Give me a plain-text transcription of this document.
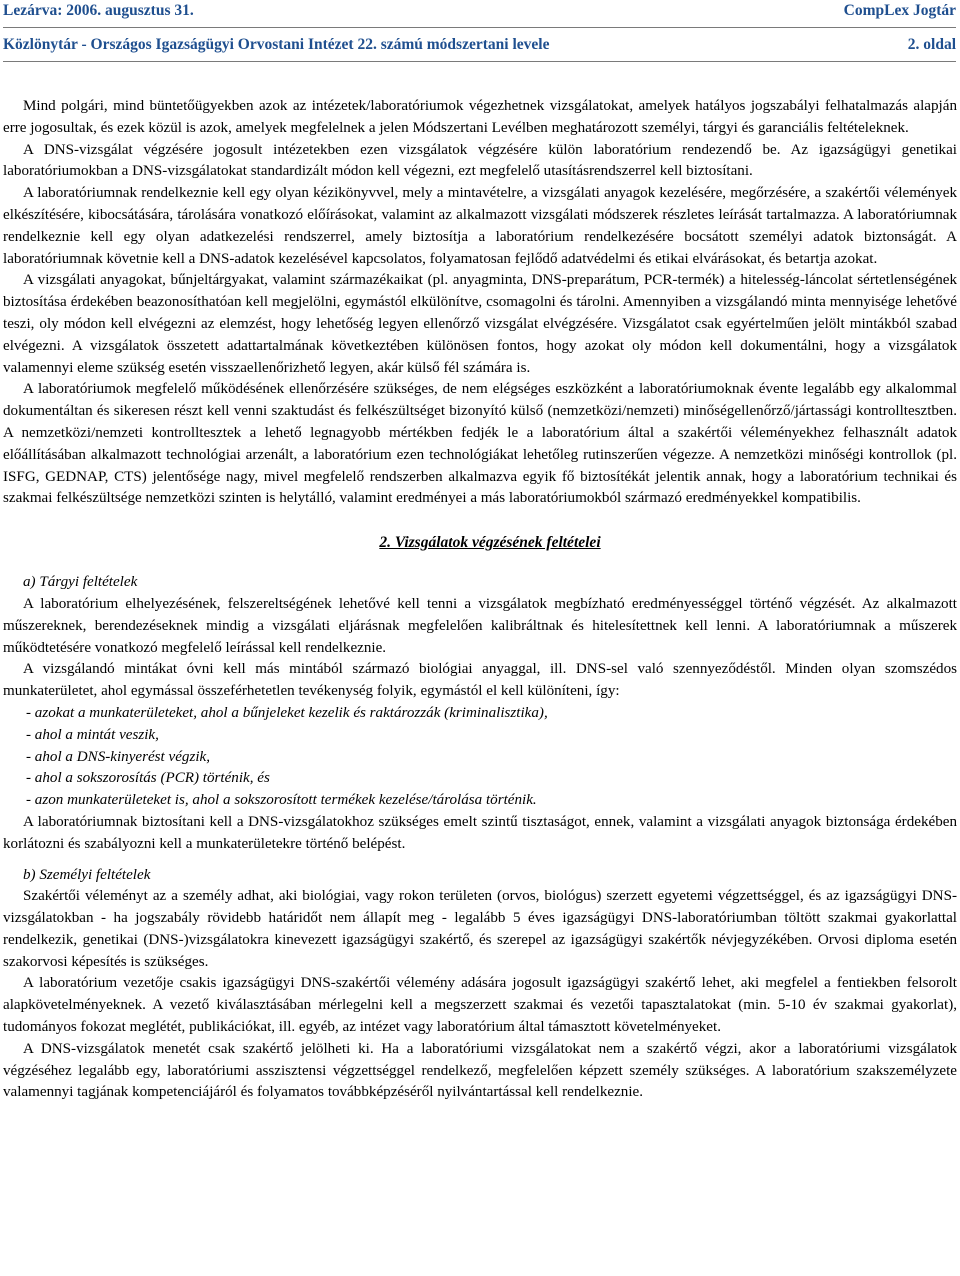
Lezárva: 2006. augusztus 31.	CompLex Jogtár
Közlönytár - Országos Igazságügyi Orvostani Intézet 22. számú módszertani levele	2. oldal

Mind polgári, mind büntetőügyekben azok az intézetek/laboratóriumok végezhetnek vizsgálatokat, amelyek hatályos jogszabályi felhatalmazás alapján erre jogosultak, és ezek közül is azok, amelyek megfelelnek a jelen Módszertani Levélben meghatározott személyi, tárgyi és garanciális feltételeknek.

A DNS-vizsgálat végzésére jogosult intézetekben ezen vizsgálatok végzésére külön laboratórium rendezendő be. Az igazságügyi genetikai laboratóriumokban a DNS-vizsgálatokat standardizált módon kell végezni, ezt megfelelő utasításrendszerrel kell biztosítani.

A laboratóriumnak rendelkeznie kell egy olyan kézikönyvvel, mely a mintavételre, a vizsgálati anyagok kezelésére, megőrzésére, a szakértői vélemények elkészítésére, kibocsátására, tárolására vonatkozó előírásokat, valamint az alkalmazott vizsgálati módszerek részletes leírását tartalmazza. A laboratóriumnak rendelkeznie kell egy olyan adatkezelési rendszerrel, amely biztosítja a laboratórium rendelkezésére bocsátott személyi adatok biztonságát. A laboratóriumnak követnie kell a DNS-adatok kezelésével kapcsolatos, folyamatosan fejlődő adatvédelmi és etikai elvárásokat, és betartja azokat.

A vizsgálati anyagokat, bűnjeltárgyakat, valamint származékaikat (pl. anyagminta, DNS-preparátum, PCR-termék) a hitelesség-láncolat sértetlenségének biztosítása érdekében beazonosíthatóan kell megjelölni, egymástól elkülönítve, csomagolni és tárolni. Amennyiben a vizsgálandó minta mennyisége lehetővé teszi, oly módon kell elvégezni az elemzést, hogy lehetőség legyen ellenőrző vizsgálat elvégzésére. Vizsgálatot csak egyértelműen jelölt mintákból szabad elvégezni. A vizsgálatok összetett adattartalmának következtében különösen fontos, hogy azokat oly módon kell dokumentálni, hogy a vizsgálatok valamennyi eleme szükség esetén visszaellenőrizhető legyen, akár külső fél számára is.

A laboratóriumok megfelelő működésének ellenőrzésére szükséges, de nem elégséges eszközként a laboratóriumoknak évente legalább egy alkalommal dokumentáltan és sikeresen részt kell venni szaktudást és felkészültséget bizonyító külső (nemzetközi/nemzeti) minőségellenőrző/jártassági kontrolltesztben. A nemzetközi/nemzeti kontrolltesztek a lehető legnagyobb mértékben fedjék le a laboratórium által a szakértői véleményekhez felhasznált adatok előállításában alkalmazott technológiai arzenált, a laboratórium ezen technológiákat lehetőleg rutinszerűen végezze. A nemzetközi minőségi kontrollok (pl. ISFG, GEDNAP, CTS) jelentősége nagy, mivel megfelelő rendszerben alkalmazva egyik fő biztosítékát jelentik annak, hogy a laboratórium technikai és szakmai felkészültsége nemzetközi szinten is helytálló, valamint eredményei a más laboratóriumokból származó eredményekkel kompatibilis.

2. Vizsgálatok végzésének feltételei

a) Tárgyi feltételek

A laboratórium elhelyezésének, felszereltségének lehetővé kell tenni a vizsgálatok megbízható eredményességgel történő végzését. Az alkalmazott műszereknek, berendezéseknek mindig a vizsgálati eljárásnak megfelelően kalibráltnak és hitelesítettnek kell lenni. A laboratóriumnak a műszerek működtetésére vonatkozó megfelelő leírással kell rendelkeznie.

A vizsgálandó mintákat óvni kell más mintából származó biológiai anyaggal, ill. DNS-sel való szennyeződéstől. Minden olyan szomszédos munkaterületet, ahol egymással összeférhetetlen tevékenység folyik, egymástól el kell különíteni, így:

- azokat a munkaterületeket, ahol a bűnjeleket kezelik és raktározzák (kriminalisztika),

- ahol a mintát veszik,

- ahol a DNS-kinyerést végzik,

- ahol a sokszorosítás (PCR) történik, és

- azon munkaterületeket is, ahol a sokszorosított termékek kezelése/tárolása történik.

A laboratóriumnak biztosítani kell a DNS-vizsgálatokhoz szükséges emelt szintű tisztaságot, ennek, valamint a vizsgálati anyagok biztonsága érdekében korlátozni és szabályozni kell a munkaterületekre történő belépést.

b) Személyi feltételek

Szakértői véleményt az a személy adhat, aki biológiai, vagy rokon területen (orvos, biológus) szerzett egyetemi végzettséggel, és az igazságügyi DNS-vizsgálatokban - ha jogszabály rövidebb határidőt nem állapít meg - legalább 5 éves igazságügyi DNS-laboratóriumban töltött szakmai gyakorlattal rendelkezik, genetikai (DNS-)vizsgálatokra kinevezett igazságügyi szakértő, és szerepel az igazságügyi szakértők névjegyzékében. Orvosi diploma esetén szakorvosi képesítés is szükséges.

A laboratórium vezetője csakis igazságügyi DNS-szakértői vélemény adására jogosult igazságügyi szakértő lehet, aki megfelel a fentiekben felsorolt alapkövetelményeknek. A vezető kiválasztásában mérlegelni kell a megszerzett szakmai és vezetői tapasztalatokat (min. 5-10 év szakmai gyakorlat), tudományos fokozat meglétét, publikációkat, ill. egyéb, az intézet vagy laboratórium által támasztott követelményeket.

A DNS-vizsgálatok menetét csak szakértő jelölheti ki. Ha a laboratóriumi vizsgálatokat nem a szakértő végzi, akor a laboratóriumi vizsgálatok végzéséhez legalább egy, laboratóriumi asszisztensi végzettséggel rendelkező, megfelelően képzett személy szükséges. A laboratórium szakszemélyzete valamennyi tagjának kompetenciájáról és folyamatos továbbképzéséről nyilvántartással kell rendelkeznie.
